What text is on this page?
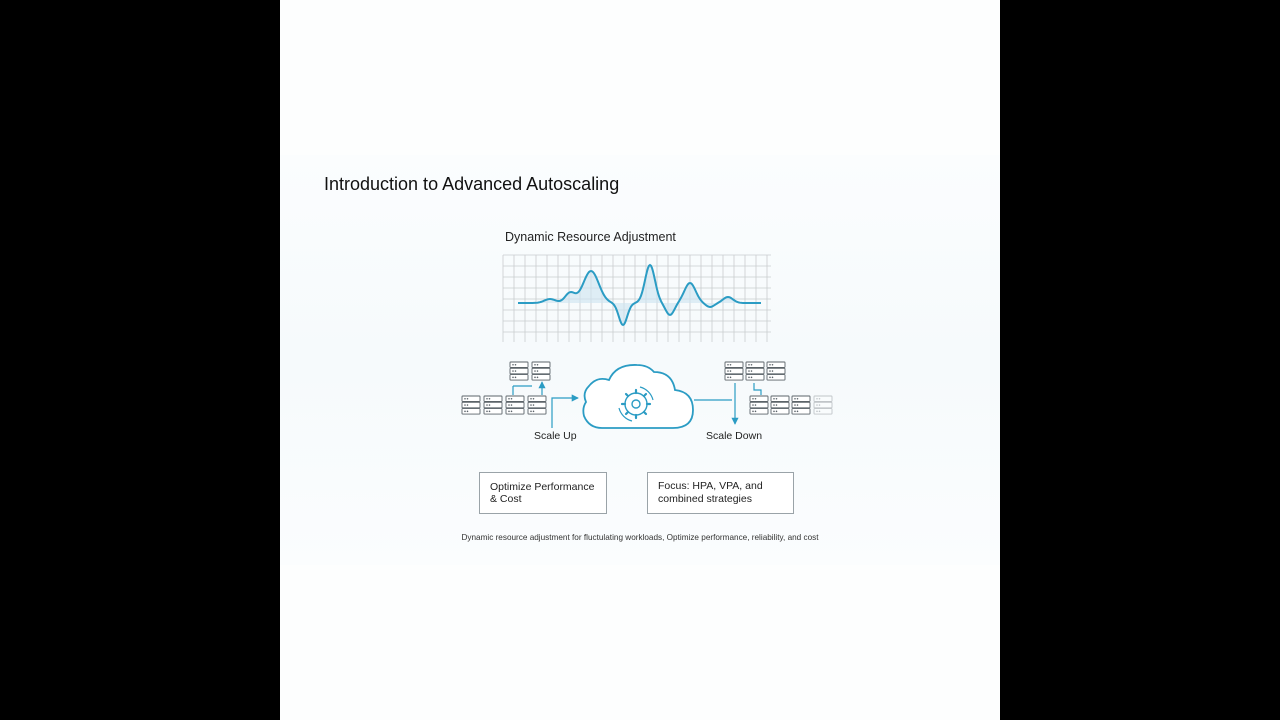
Introduction to Advanced Autoscaling
Dynamic Resource Adjustment
Scale Up	Scale Down
Optimize Performance & Cost
Focus: HPA, VPA, and combined strategies
Dynamic resource adjustment for fluctulating workloads, Optimize performance, reliability, and cost
